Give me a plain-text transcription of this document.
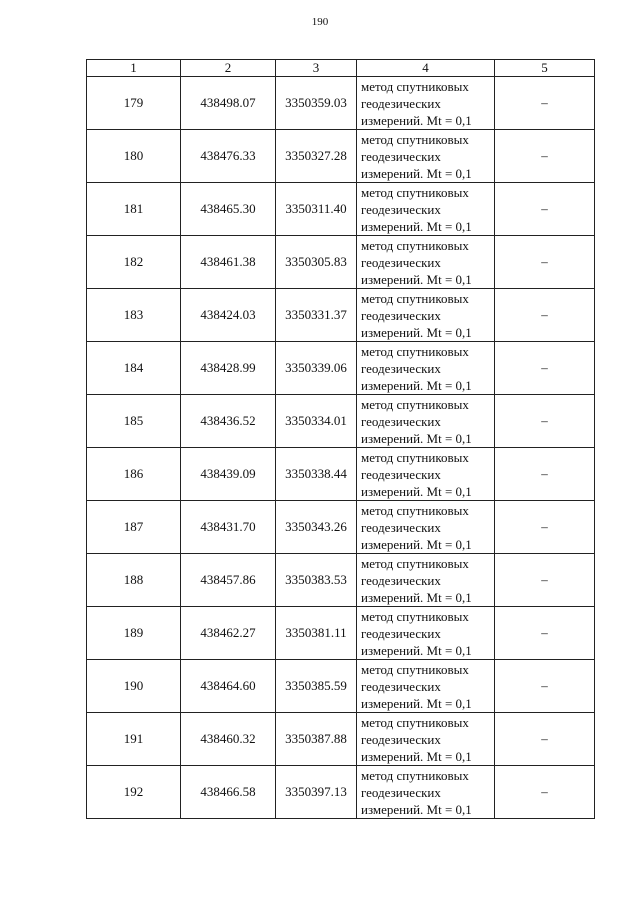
190
1	2	3	4	5
179	438498.07	3350359.03	метод спутниковых
геодезических
измерений. Mt = 0,1	–
180	438476.33	3350327.28	метод спутниковых
геодезических
измерений. Mt = 0,1	–
181	438465.30	3350311.40	метод спутниковых
геодезических
измерений. Mt = 0,1	–
182	438461.38	3350305.83	метод спутниковых
геодезических
измерений. Mt = 0,1	–
183	438424.03	3350331.37	метод спутниковых
геодезических
измерений. Mt = 0,1	–
184	438428.99	3350339.06	метод спутниковых
геодезических
измерений. Mt = 0,1	–
185	438436.52	3350334.01	метод спутниковых
геодезических
измерений. Mt = 0,1	–
186	438439.09	3350338.44	метод спутниковых
геодезических
измерений. Mt = 0,1	–
187	438431.70	3350343.26	метод спутниковых
геодезических
измерений. Mt = 0,1	–
188	438457.86	3350383.53	метод спутниковых
геодезических
измерений. Mt = 0,1	–
189	438462.27	3350381.11	метод спутниковых
геодезических
измерений. Mt = 0,1	–
190	438464.60	3350385.59	метод спутниковых
геодезических
измерений. Mt = 0,1	–
191	438460.32	3350387.88	метод спутниковых
геодезических
измерений. Mt = 0,1	–
192	438466.58	3350397.13	метод спутниковых
геодезических
измерений. Mt = 0,1	–
